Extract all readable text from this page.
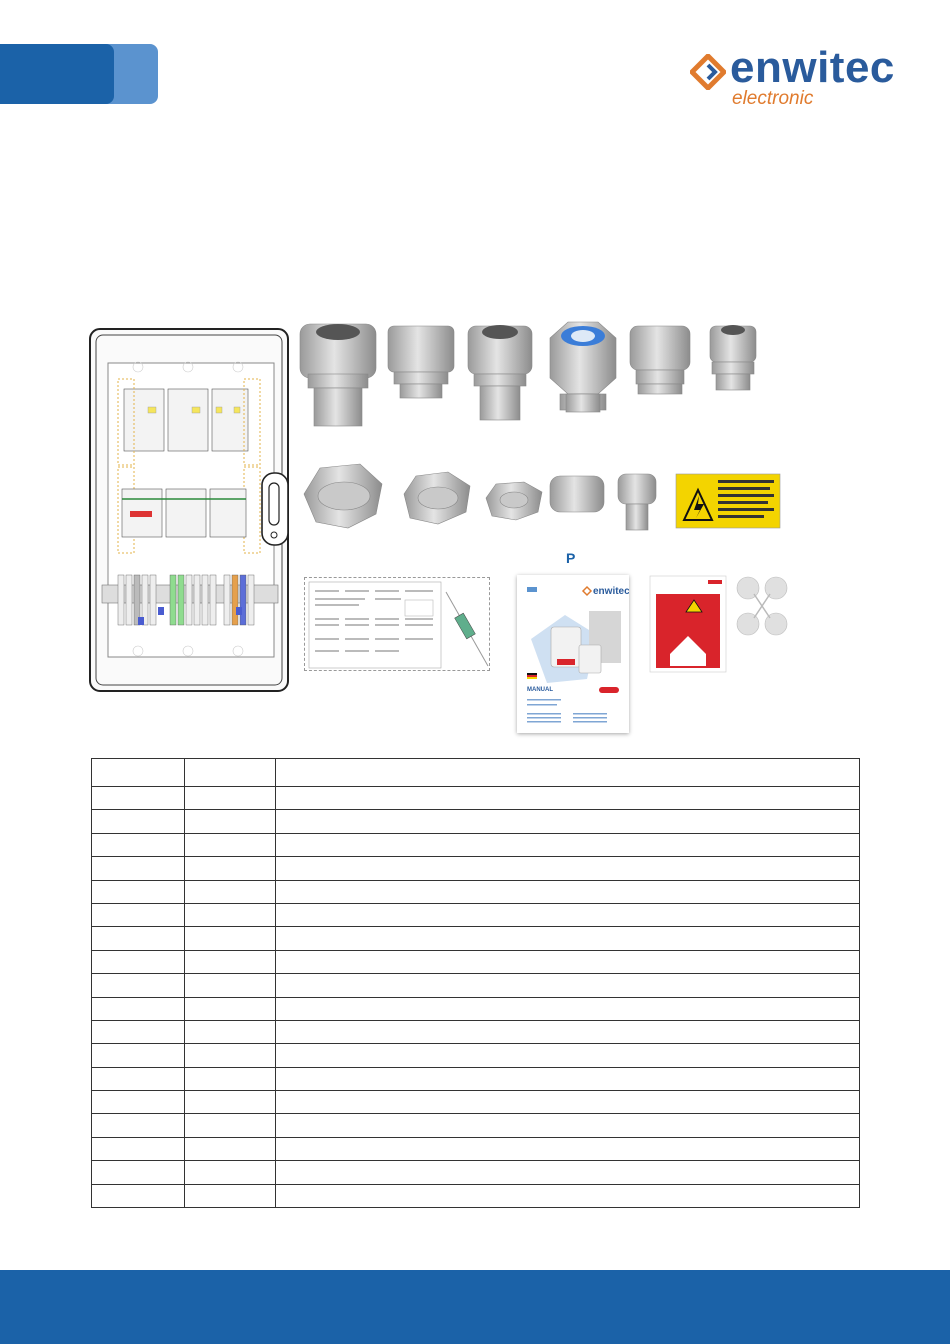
enwitec
electronic
P
enwitec
MANUAL
